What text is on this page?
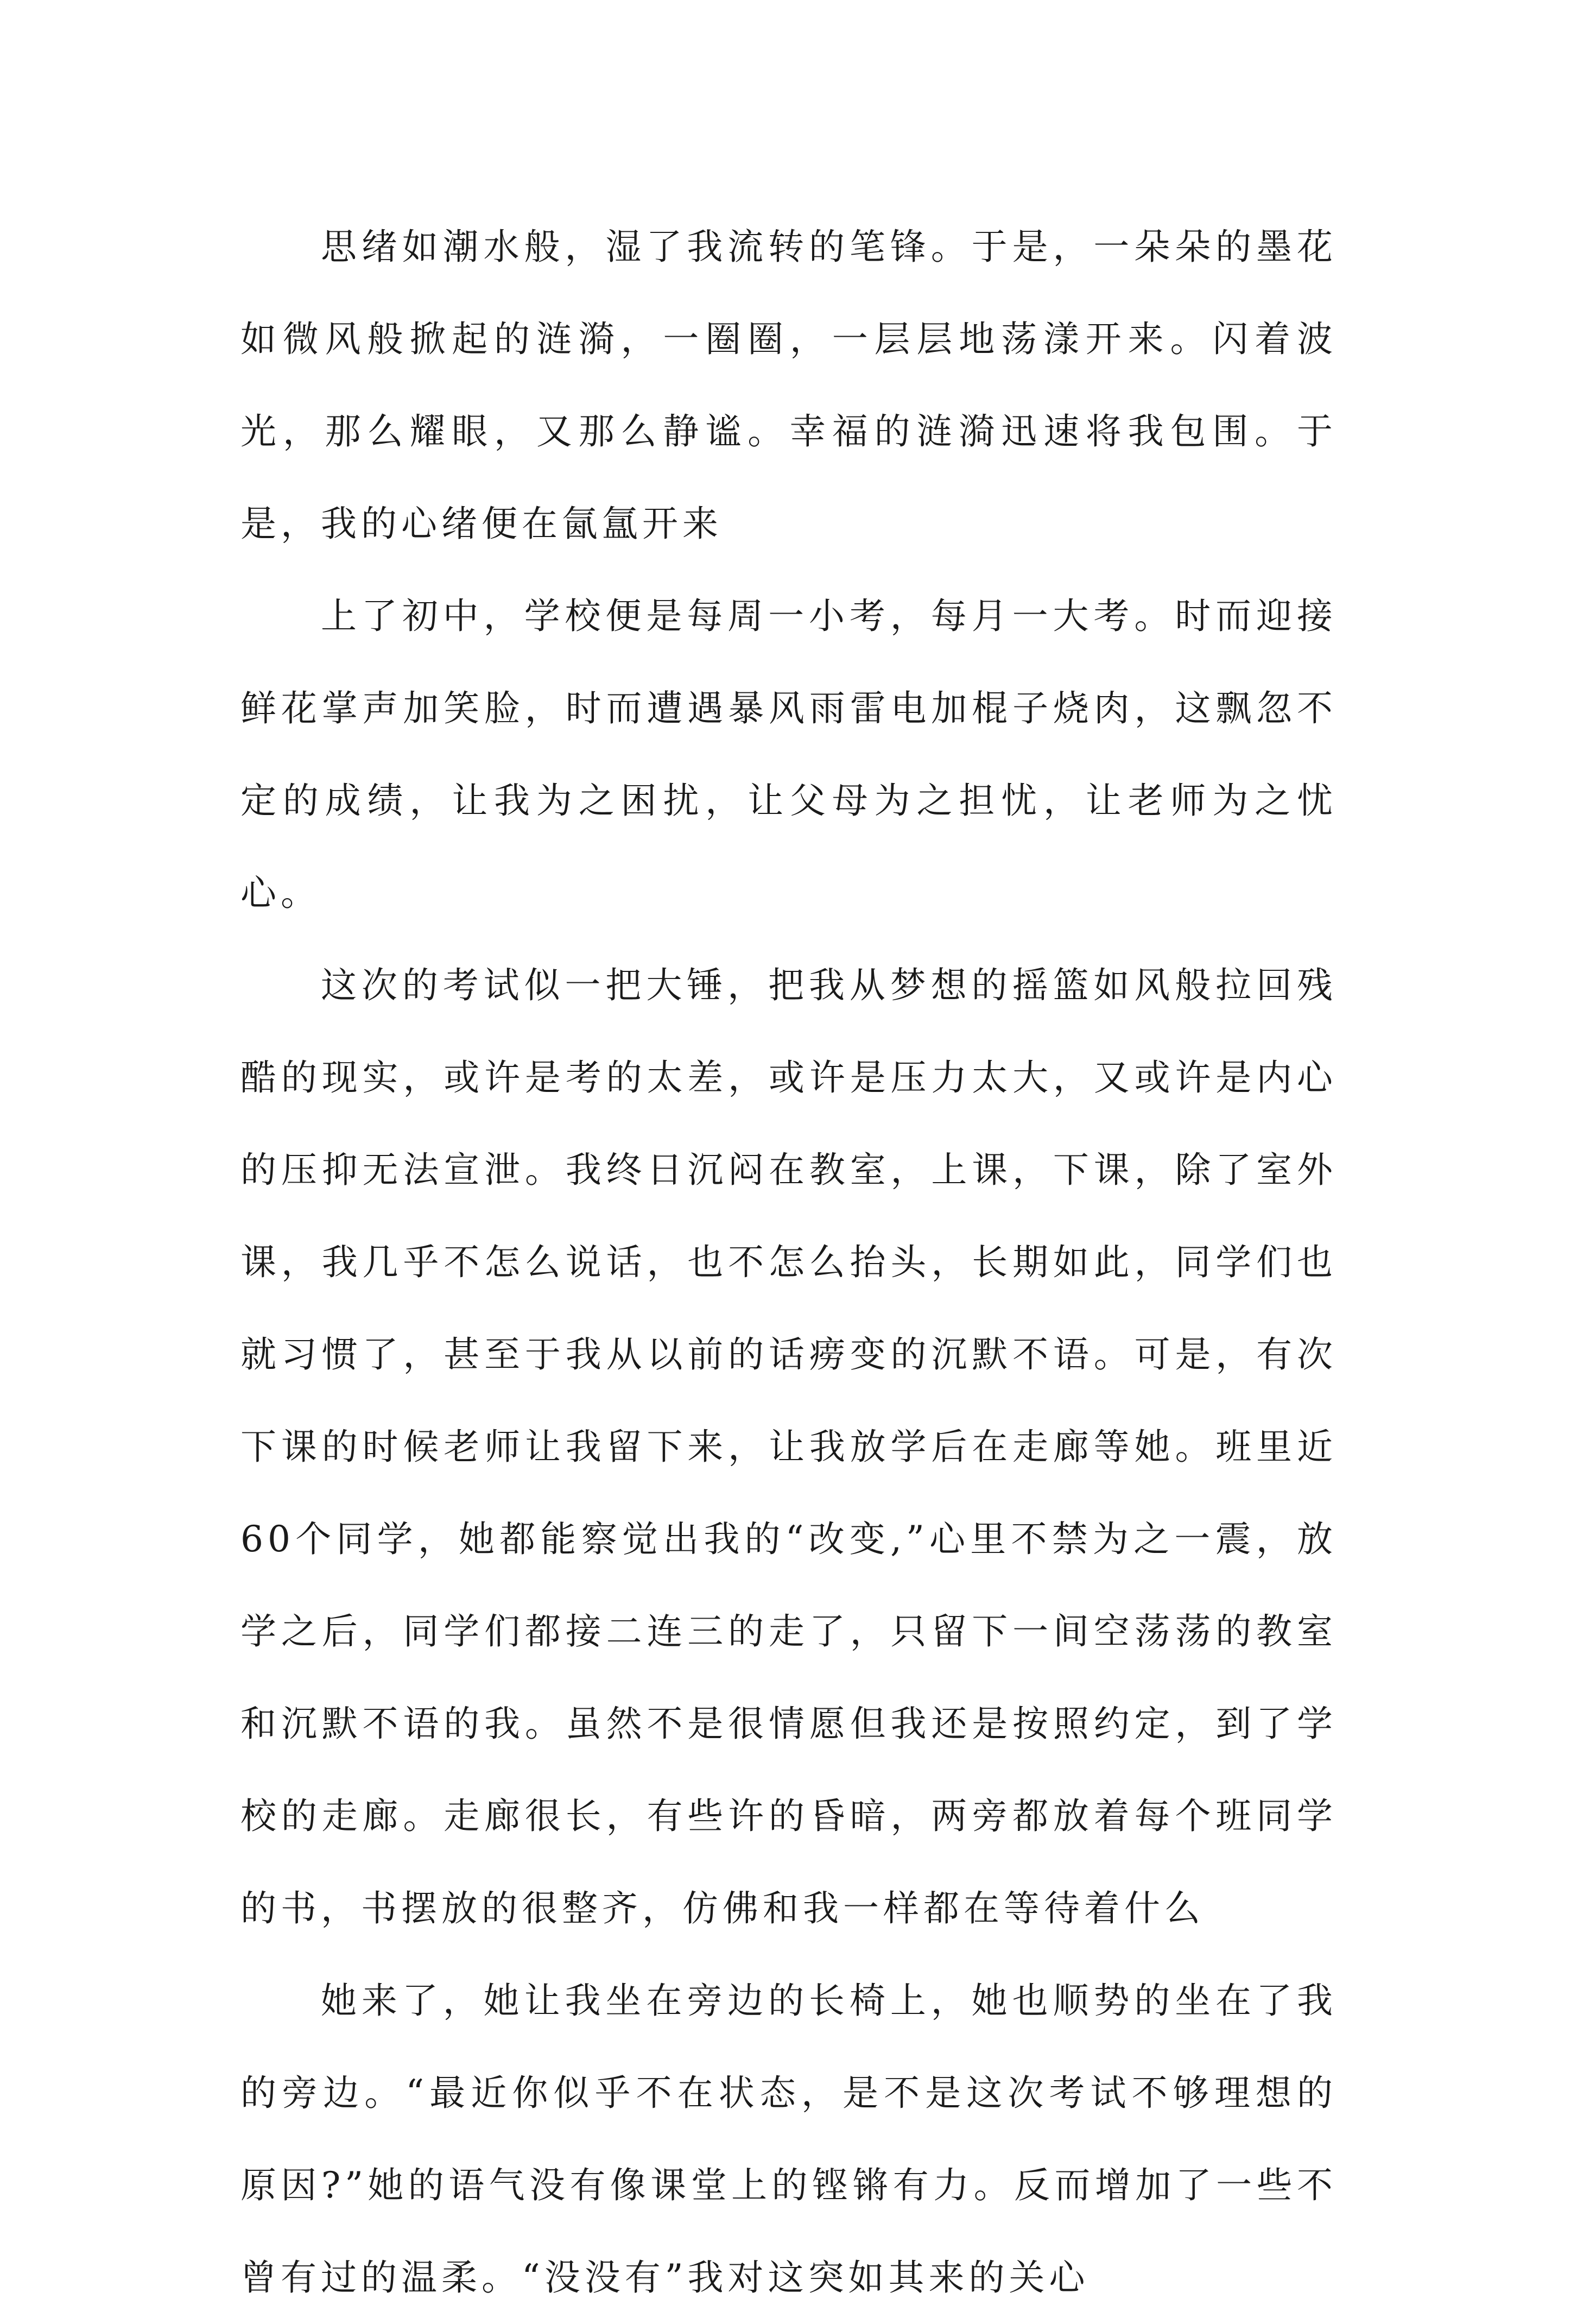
思绪如潮水般，湿了我流转的笔锋。于是，一朵朵的墨花如微风般掀起的涟漪，一圈圈，一层层地荡漾开来。闪着波光，那么耀眼，又那么静谧。幸福的涟漪迅速将我包围。于是，我的心绪便在氤氲开来

上了初中，学校便是每周一小考，每月一大考。时而迎接鲜花掌声加笑脸，时而遭遇暴风雨雷电加棍子烧肉，这飘忽不定的成绩，让我为之困扰，让父母为之担忧，让老师为之忧心。

这次的考试似一把大锤，把我从梦想的摇篮如风般拉回残酷的现实，或许是考的太差，或许是压力太大，又或许是内心的压抑无法宣泄。我终日沉闷在教室，上课，下课，除了室外课，我几乎不怎么说话，也不怎么抬头，长期如此，同学们也就习惯了，甚至于我从以前的话痨变的沉默不语。可是，有次下课的时候老师让我留下来，让我放学后在走廊等她。班里近60个同学，她都能察觉出我的“改变,”心里不禁为之一震，放学之后，同学们都接二连三的走了，只留下一间空荡荡的教室和沉默不语的我。虽然不是很情愿但我还是按照约定，到了学校的走廊。走廊很长，有些许的昏暗，两旁都放着每个班同学的书，书摆放的很整齐，仿佛和我一样都在等待着什么

她来了，她让我坐在旁边的长椅上，她也顺势的坐在了我的旁边。“最近你似乎不在状态，是不是这次考试不够理想的原因?”她的语气没有像课堂上的铿锵有力。反而增加了一些不曾有过的温柔。“没没有”我对这突如其来的关心
